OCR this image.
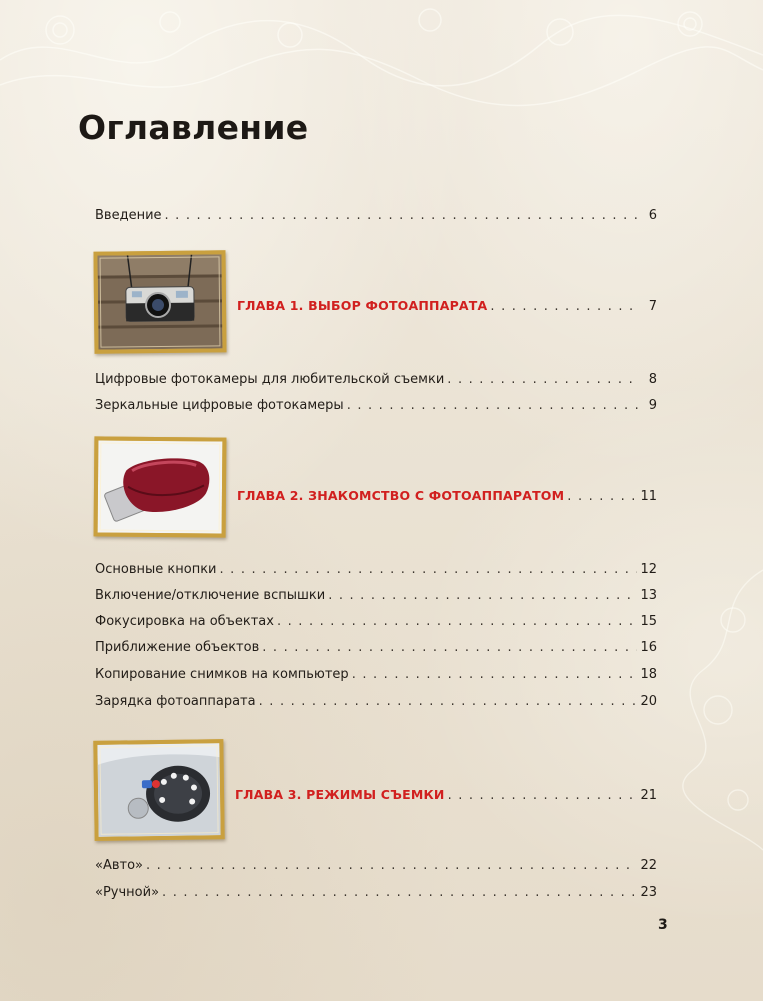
Оглавление
Введение . . .	6
ГЛАВА 1. ВЫБОР ФОТОАППАРАТА . . .	7
Цифровые фотокамеры для любительской съемки . . .	8
Зеркальные цифровые фотокамеры . . .	9
ГЛАВА 2. ЗНАКОМСТВО С ФОТОАППАРАТОМ . . .	11
Основные кнопки . . .	12
Включение/отключение вспышки . . .	13
Фокусировка на объектах . . .	15
Приближение объектов . . .	16
Копирование снимков на компьютер . . .	18
Зарядка фотоаппарата . . .	20
ГЛАВА 3. РЕЖИМЫ СЪЕМКИ . . .	21
«Авто» . . .	22
«Ручной» . . .	23
3
